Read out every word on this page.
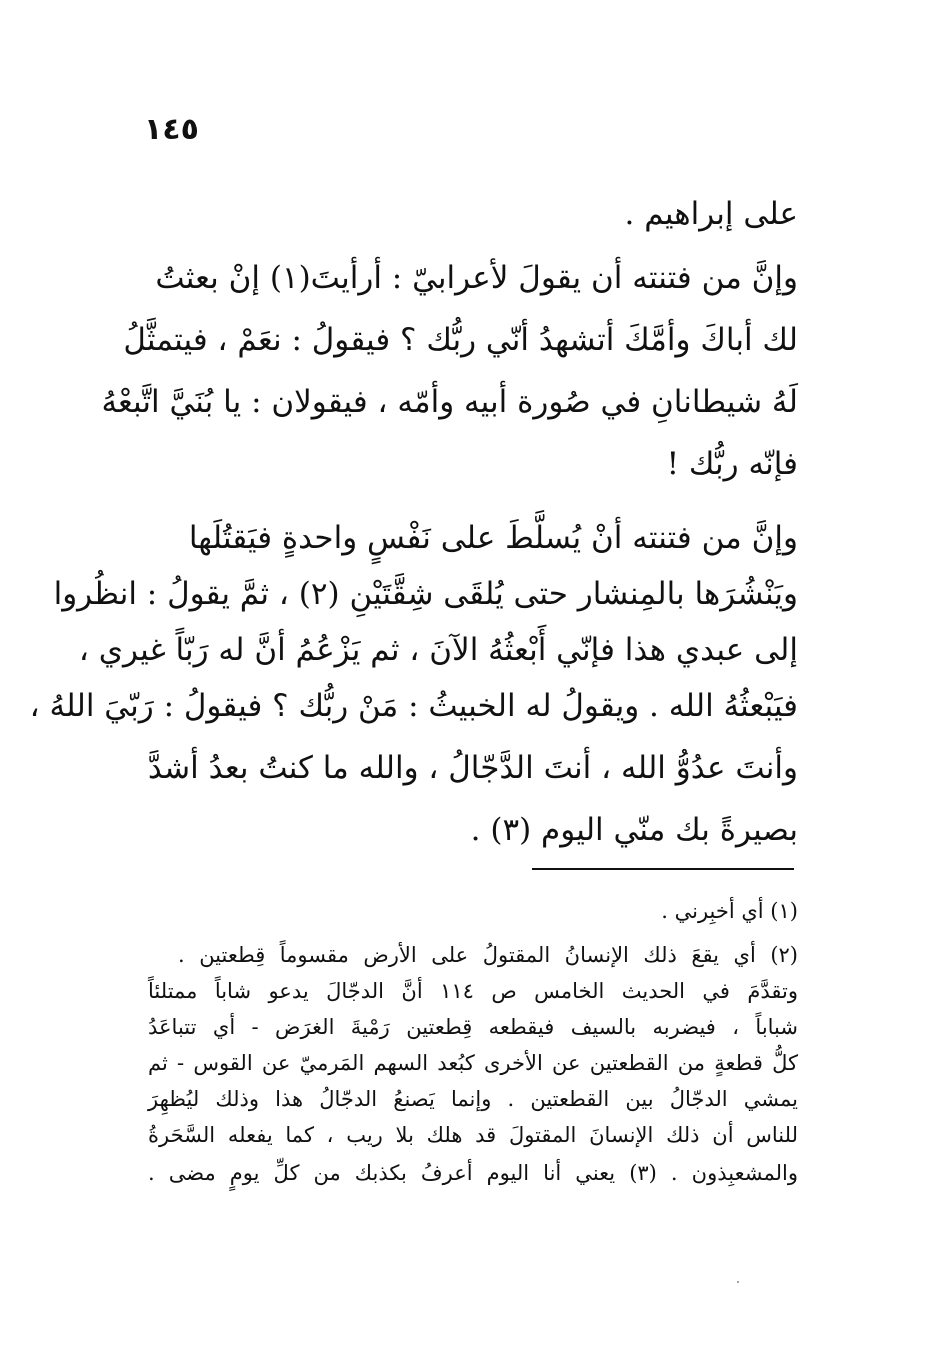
١٤٥
على إبراهيم .
وإنَّ من فتنته أن يقولَ لأعرابيّ : أرأيتَ(١) إنْ بعثتُ
لك أباكَ وأمَّكَ أتشهدُ أنّي ربُّك ؟ فيقولُ : نعَمْ ، فيتمثَّلُ
لَهُ شيطانانِ في صُورة أبيه وأمّه ، فيقولان : يا بُنَيَّ اتَّبعْهُ
فإنّه ربُّك !
وإنَّ من فتنته أنْ يُسلَّطَ على نَفْسٍ واحدةٍ فيَقتُلَها
ويَنْشُرَها بالمِنشار حتى يُلقَى شِقَّتَيْنِ (٢) ، ثمَّ يقولُ : انظُروا
إلى عبدي هذا فإنّي أَبْعثُهُ الآنَ ، ثم يَزْعُمُ أنَّ له رَبّاً غيري ،
فيَبْعثُهُ الله . ويقولُ له الخبيثُ : مَنْ ربُّك ؟ فيقولُ : رَبّيَ اللهُ ،
وأنتَ عدُوُّ الله ، أنتَ الدَّجّالُ ، والله ما كنتُ بعدُ أشدَّ
بصيرةً بك منّي اليوم (٣) .
(١) أي أخبِرني .
(٢) أي يقعَ ذلك الإنسانُ المقتولُ على الأرض مقسوماً قِطعتين .
وتقدَّمَ في الحديث الخامس ص ١١٤ أنَّ الدجّالَ يدعو شاباً ممتلئاً
شباباً ، فيضربه بالسيف فيقطعه قِطعتين رَمْيةَ الغرَض - أي تتباعَدُ
كلُّ قطعةٍ من القطعتين عن الأخرى كبُعد السهم المَرميّ عن القوس - ثم
يمشي الدجّالُ بين القطعتين . وإنما يَصنعُ الدجّالُ هذا وذلك ليُظهِرَ
للناس أن ذلك الإنسانَ المقتولَ قد هلك بلا ريب ، كما يفعله السَّحَرةُ
والمشعبِذون . (٣) يعني أنا اليوم أعرفُ بكذبك من كلِّ يومٍ مضى .
